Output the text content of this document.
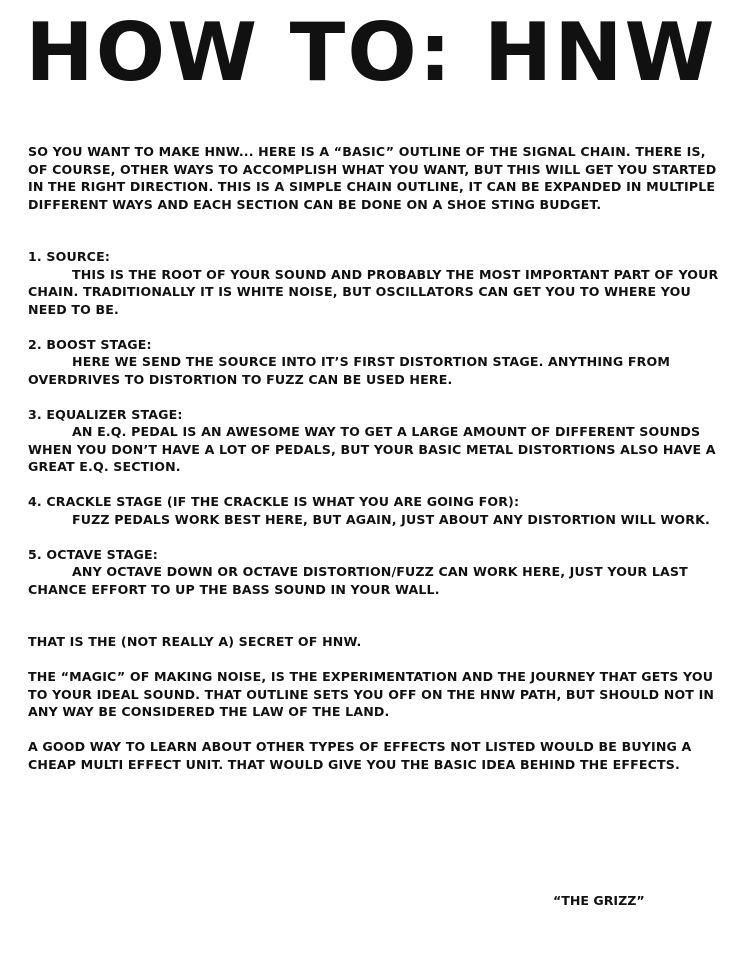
HOW TO: HNW

SO YOU WANT TO MAKE HNW... HERE IS A “BASIC” OUTLINE OF THE SIGNAL CHAIN. THERE IS, OF COURSE, OTHER WAYS TO ACCOMPLISH WHAT YOU WANT, BUT THIS WILL GET YOU STARTED IN THE RIGHT DIRECTION. THIS IS A SIMPLE CHAIN OUTLINE, IT CAN BE EXPANDED IN MULTIPLE DIFFERENT WAYS AND EACH SECTION CAN BE DONE ON A SHOE STING BUDGET.

1. SOURCE:

THIS IS THE ROOT OF YOUR SOUND AND PROBABLY THE MOST IMPORTANT PART OF YOUR CHAIN. TRADITIONALLY IT IS WHITE NOISE, BUT OSCILLATORS CAN GET YOU TO WHERE YOU NEED TO BE.

2. BOOST STAGE:

HERE WE SEND THE SOURCE INTO IT’S FIRST DISTORTION STAGE. ANYTHING FROM OVERDRIVES TO DISTORTION TO FUZZ CAN BE USED HERE.

3. EQUALIZER STAGE:

AN E.Q. PEDAL IS AN AWESOME WAY TO GET A LARGE AMOUNT OF DIFFERENT SOUNDS WHEN YOU DON’T HAVE A LOT OF PEDALS, BUT YOUR BASIC METAL DISTORTIONS ALSO HAVE A GREAT E.Q. SECTION.

4. CRACKLE STAGE (IF THE CRACKLE IS WHAT YOU ARE GOING FOR):

FUZZ PEDALS WORK BEST HERE, BUT AGAIN, JUST ABOUT ANY DISTORTION WILL WORK.

5. OCTAVE STAGE:

ANY OCTAVE DOWN OR OCTAVE DISTORTION/FUZZ CAN WORK HERE, JUST YOUR LAST CHANCE EFFORT TO UP THE BASS SOUND IN YOUR WALL.

THAT IS THE (NOT REALLY A) SECRET OF HNW.

THE “MAGIC” OF MAKING NOISE, IS THE EXPERIMENTATION AND THE JOURNEY THAT GETS YOU TO YOUR IDEAL SOUND. THAT OUTLINE SETS YOU OFF ON THE HNW PATH, BUT SHOULD NOT IN ANY WAY BE CONSIDERED THE LAW OF THE LAND.

A GOOD WAY TO LEARN ABOUT OTHER TYPES OF EFFECTS NOT LISTED WOULD BE BUYING A CHEAP MULTI EFFECT UNIT. THAT WOULD GIVE YOU THE BASIC IDEA BEHIND THE EFFECTS.

“THE GRIZZ”
